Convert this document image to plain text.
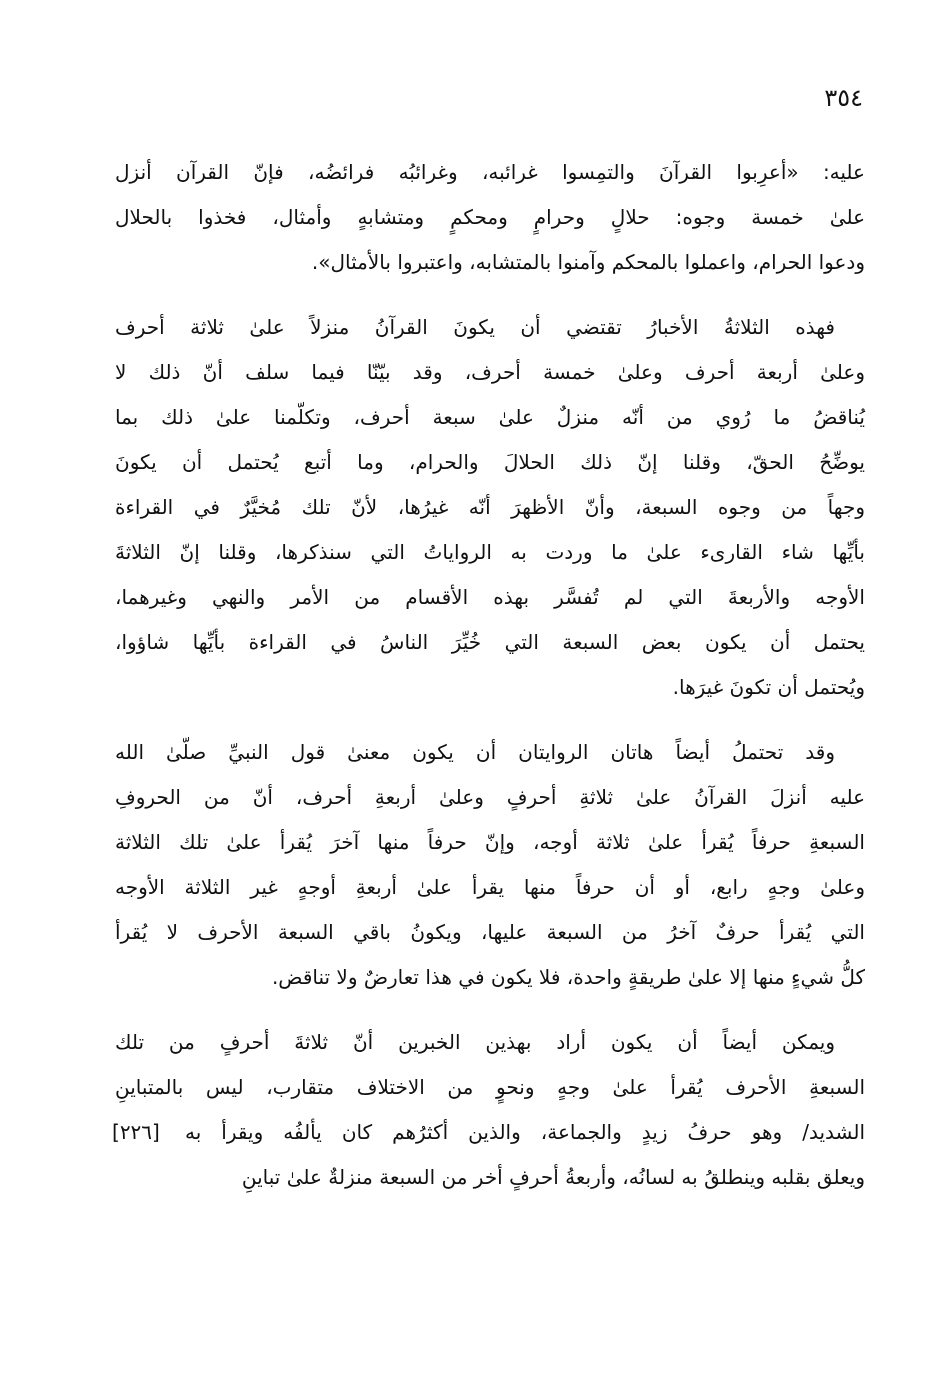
٣٥٤
عليه: «أعرِبوا القرآنَ والتمِسوا غرائبه، وغرائبُه فرائضُه، فإنّ القرآن أنزل
علىٰ خمسة وجوه: حلالٍ وحرامٍ ومحكمٍ ومتشابهٍ وأمثال، فخذوا بالحلال
ودعوا الحرام، واعملوا بالمحكم وآمنوا بالمتشابه، واعتبروا بالأمثال».
فهذه الثلاثةُ الأخبارُ تقتضي أن يكونَ القرآنُ منزلاً علىٰ ثلاثة أحرف
وعلىٰ أربعة أحرف وعلىٰ خمسة أحرف، وقد بيّنّا فيما سلف أنّ ذلك لا
يُناقضُ ما رُوي من أنّه منزلٌ علىٰ سبعة أحرف، وتكلّمنا علىٰ ذلك بما
يوضِّحُ الحقّ، وقلنا إنّ ذلك الحلالَ والحرام، وما أتبع يُحتمل أن يكونَ
وجهاً من وجوه السبعة، وأنّ الأظهرَ أنّه غيرُها، لأنّ تلك مُخيَّرٌ في القراءة
بأيِّها شاء القارىء علىٰ ما وردت به الرواياتُ التي سنذكرها، وقلنا إنّ الثلاثةَ
الأوجه والأربعةَ التي لم تُفسَّر بهذه الأقسام من الأمر والنهي وغيرهما،
يحتمل أن يكون بعض السبعة التي خُيِّرَ الناسُ في القراءة بأيِّها شاؤوا،
ويُحتمل أن تكونَ غيرَها.
وقد تحتملُ أيضاً هاتان الروايتان أن يكون معنىٰ قول النبيِّ صلّىٰ الله
عليه أنزلَ القرآنُ علىٰ ثلاثةِ أحرفٍ وعلىٰ أربعةِ أحرف، أنّ من الحروفِ
السبعةِ حرفاً يُقرأ علىٰ ثلاثة أوجه، وإنّ حرفاً منها آخرَ يُقرأ علىٰ تلك الثلاثة
وعلىٰ وجهٍ رابع، أو أن حرفاً منها يقرأ علىٰ أربعةِ أوجهٍ غير الثلاثة الأوجه
التي يُقرأ حرفٌ آخرُ من السبعة عليها، ويكونُ باقي السبعة الأحرف لا يُقرأ
كلُّ شيءٍ منها إلا علىٰ طريقةٍ واحدة، فلا يكون في هذا تعارضٌ ولا تناقض.
ويمكن أيضاً أن يكون أراد بهذين الخبرين أنّ ثلاثةَ أحرفٍ من تلك
السبعةِ الأحرف يُقرأ علىٰ وجهٍ ونحوٍ من الاختلاف متقارب، ليس بالمتباينِ
الشديد/ وهو حرفُ زيدٍ والجماعة، والذين أكثرُهم كان يألفُه ويقرأ به
ويعلق بقلبه وينطلقُ به لسانُه، وأربعةُ أحرفٍ أخر من السبعة منزلةٌ علىٰ تباينِ
[٢٢٦]
